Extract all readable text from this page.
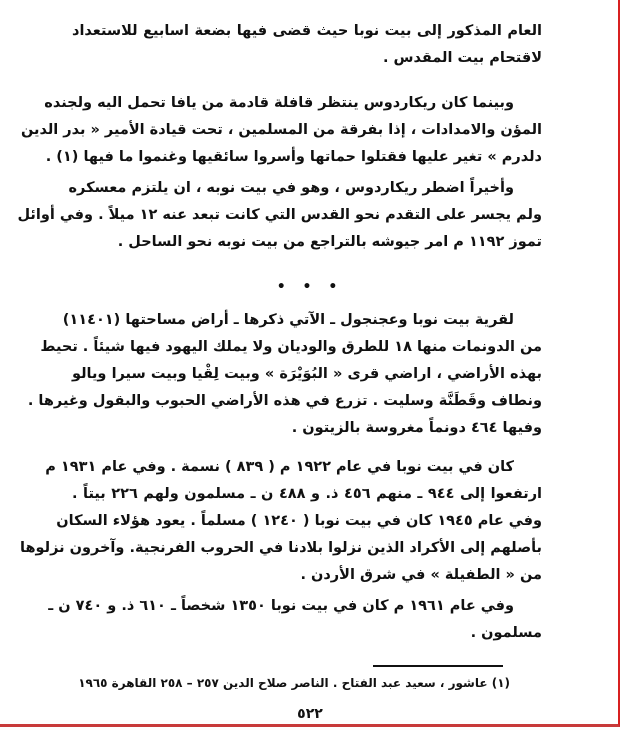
العام المذكور إلى بيت نوبا حيث قضى فيها بضعة اسابيع للاستعداد
لاقتحام بيت المقدس .
وبينما كان ريكاردوس ينتظر قافلة قادمة من يافا تحمل اليه ولجنده
المؤن والامدادات ، إذا بفرقة من المسلمين ، تحت قيادة الأمير « بدر الدين
دلدرم » تغير عليها فقتلوا حماتها وأسروا سائقيها وغنموا ما فيها (١) .
وأخيراً اضطر ريكاردوس ، وهو في بيت نوبه ، ان يلتزم معسكره
ولم يجسر على التقدم نحو القدس التي كانت تبعد عنه ١٢ ميلاً . وفي أوائل
تموز ١١٩٢ م امر جيوشه بالتراجع من بيت نوبه نحو الساحل .
• • •
لقرية بيت نوبا وعجنجول ـ الآتي ذكرها ـ أراض مساحتها (١١٤٠١)
من الدونمات منها ١٨ للطرق والوديان ولا يملك اليهود فيها شيئاً . تحيط
بهذه الأراضي ، اراضي قرى « البُوَيْرَة » وبيت لِقْيا وبيت سيرا ويالو
ونطاف وقَطَنَّة وسليت . تزرع في هذه الأراضي الحبوب والبقول وغيرها .
وفيها ٤٦٤ دونماً مغروسة بالزيتون .
كان في بيت نوبا في عام ١٩٢٢ م ( ٨٣٩ ) نسمة . وفي عام ١٩٣١ م
ارتفعوا إلى ٩٤٤ ـ منهم ٤٥٦ ذ. و ٤٨٨ ن ـ مسلمون ولهم ٢٢٦ بيتاً .
وفي عام ١٩٤٥ كان في بيت نوبا ( ١٢٤٠ ) مسلماً . يعود هؤلاء السكان
بأصلهم إلى الأكراد الذين نزلوا بلادنا في الحروب الفرنجية. وآخرون نزلوها
من « الطفيلة » في شرق الأردن .
وفي عام ١٩٦١ م كان في بيت نوبا ١٣٥٠ شخصاً ـ ٦١٠ ذ. و ٧٤٠ ن ـ
مسلمون .
(١) عاشور ، سعيد عبد الفتاح . الناصر صلاح الدين ٢٥٧ – ٢٥٨ القاهرة ١٩٦٥
٥٢٢
